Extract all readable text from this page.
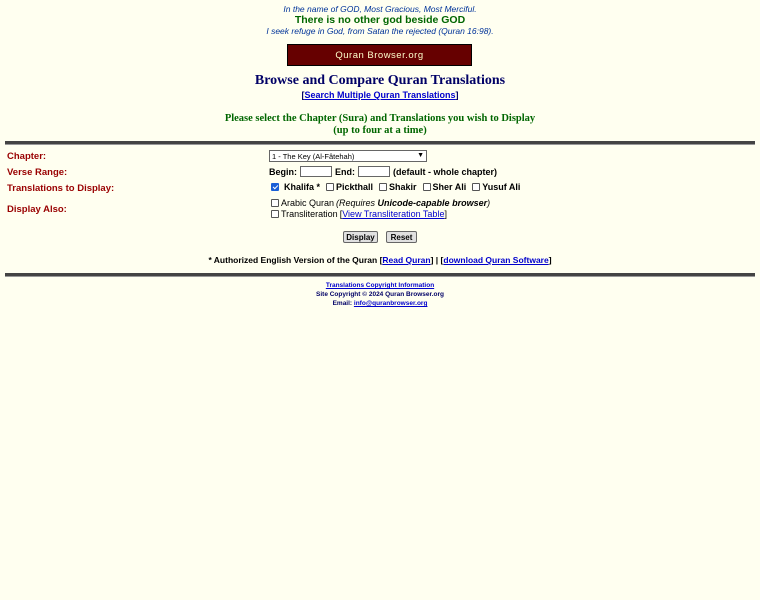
In the name of GOD, Most Gracious, Most Merciful.
There is no other god beside GOD
I seek refuge in God, from Satan the rejected (Quran 16:98).
Quran Browser.org
Browse and Compare Quran Translations
[Search Multiple Quran Translations]
Please select the Chapter (Sura) and Translations you wish to Display
(up to four at a time)
Chapter:	1 - The Key (Al-Fâtehah)	▼
Verse Range:	Begin:	End:	(default - whole chapter)
Translations to Display:	Khalifa * Pickthall Shakir Sher Ali Yusuf Ali
Display Also:
Arabic Quran (Requires Unicode-capable browser)
Transliteration [View Transliteration Table]
Display	Reset
* Authorized English Version of the Quran [Read Quran] | [download Quran Software]
Translations Copyright Information
Site Copyright © 2024 Quran Browser.org
Email: info@quranbrowser.org
